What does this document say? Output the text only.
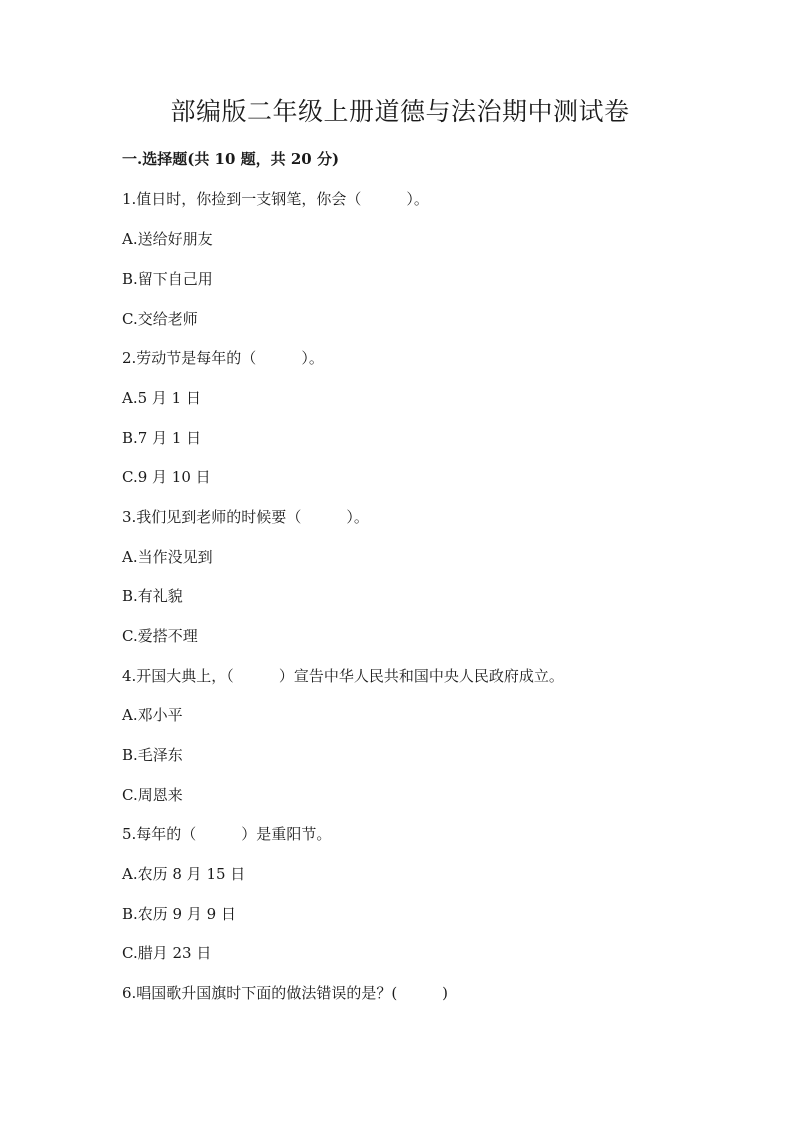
部编版二年级上册道德与法治期中测试卷

一.选择题(共 10 题，共 20 分)

1.值日时，你捡到一支钢笔，你会（　　　）。

A.送给好朋友

B.留下自己用

C.交给老师

2.劳动节是每年的（　　　）。

A.5 月 1 日

B.7 月 1 日

C.9 月 10 日

3.我们见到老师的时候要（　　　）。

A.当作没见到

B.有礼貌

C.爱搭不理

4.开国大典上，（　　　）宣告中华人民共和国中央人民政府成立。

A.邓小平

B.毛泽东

C.周恩来

5.每年的（　　　）是重阳节。

A.农历 8 月 15 日

B.农历 9 月 9 日

C.腊月 23 日

6.唱国歌升国旗时下面的做法错误的是？(　　　)
